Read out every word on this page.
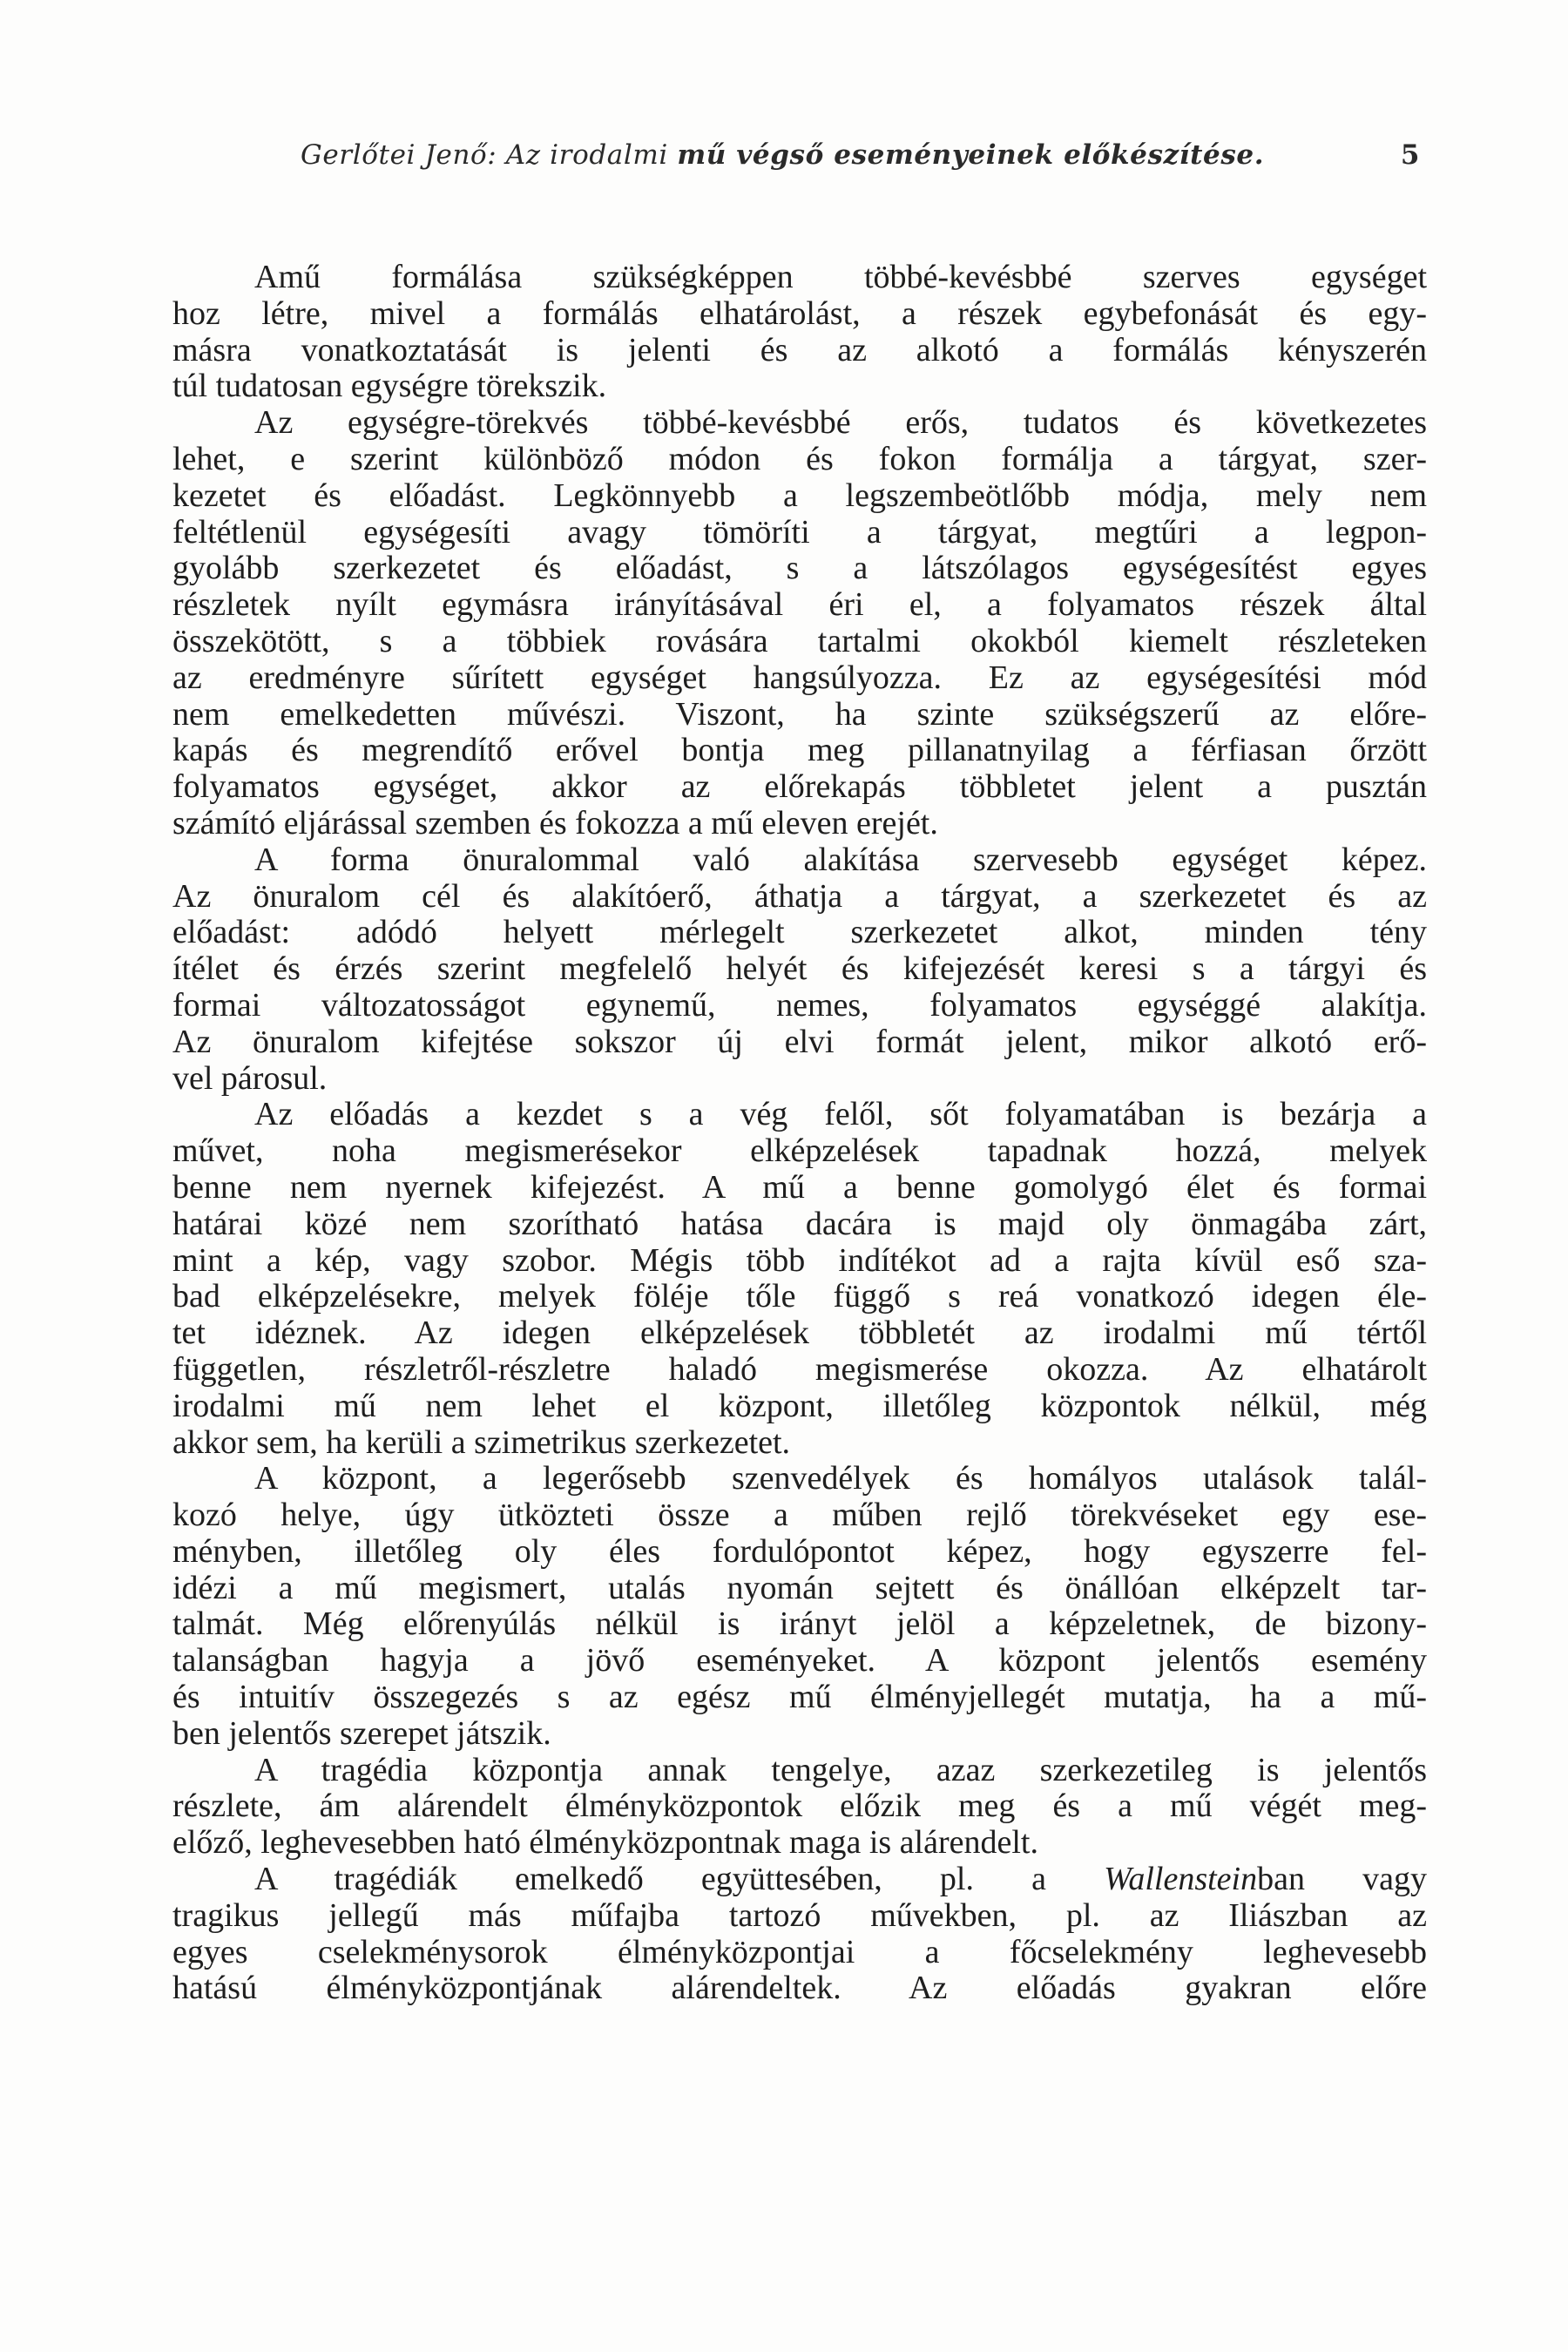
Gerlőtei Jenő: Az irodalmi mű végső eseményeinek előkészítése.	5

Amű formálása szükségképpen többé-kevésbbé szerves egységet
hoz létre, mivel a formálás elhatárolást, a részek egybefonását és egy-
másra vonatkoztatását is jelenti és az alkotó a formálás kényszerén
túl tudatosan egységre törekszik.

Az egységre-törekvés többé-kevésbbé erős, tudatos és következetes
lehet, e szerint különböző módon és fokon formálja a tárgyat, szer-
kezetet és előadást. Legkönnyebb a legszembeötlőbb módja, mely nem
feltétlenül egységesíti avagy tömöríti a tárgyat, megtűri a legpon-
gyolább szerkezetet és előadást, s a látszólagos egységesítést egyes
részletek nyílt egymásra irányításával éri el, a folyamatos részek által
összekötött, s a többiek rovására tartalmi okokból kiemelt részleteken
az eredményre sűrített egységet hangsúlyozza. Ez az egységesítési mód
nem emelkedetten művészi. Viszont, ha szinte szükségszerű az előre-
kapás és megrendítő erővel bontja meg pillanatnyilag a férfiasan őrzött
folyamatos egységet, akkor az előrekapás többletet jelent a pusztán
számító eljárással szemben és fokozza a mű eleven erejét.

A forma önuralommal való alakítása szervesebb egységet képez.
Az önuralom cél és alakítóerő, áthatja a tárgyat, a szerkezetet és az
előadást: adódó helyett mérlegelt szerkezetet alkot, minden tény
ítélet és érzés szerint megfelelő helyét és kifejezését keresi s a tárgyi és
formai változatosságot egynemű, nemes, folyamatos egységgé alakítja.
Az önuralom kifejtése sokszor új elvi formát jelent, mikor alkotó erő-
vel párosul.

Az előadás a kezdet s a vég felől, sőt folyamatában is bezárja a
művet, noha megismerésekor elképzelések tapadnak hozzá, melyek
benne nem nyernek kifejezést. A mű a benne gomolygó élet és formai
határai közé nem szorítható hatása dacára is majd oly önmagába zárt,
mint a kép, vagy szobor. Mégis több indítékot ad a rajta kívül eső sza-
bad elképzelésekre, melyek föléje tőle függő s reá vonatkozó idegen éle-
tet idéznek. Az idegen elképzelések többletét az irodalmi mű tértől
független, részletről-részletre haladó megismerése okozza. Az elhatárolt
irodalmi mű nem lehet el központ, illetőleg központok nélkül, még
akkor sem, ha kerüli a szimetrikus szerkezetet.

A központ, a legerősebb szenvedélyek és homályos utalások talál-
kozó helye, úgy ütközteti össze a műben rejlő törekvéseket egy ese-
ményben, illetőleg oly éles fordulópontot képez, hogy egyszerre fel-
idézi a mű megismert, utalás nyomán sejtett és önállóan elképzelt tar-
talmát. Még előrenyúlás nélkül is irányt jelöl a képzeletnek, de bizony-
talanságban hagyja a jövő eseményeket. A központ jelentős esemény
és intuitív összegezés s az egész mű élményjellegét mutatja, ha a mű-
ben jelentős szerepet játszik.

A tragédia központja annak tengelye, azaz szerkezetileg is jelentős
részlete, ám alárendelt élményközpontok előzik meg és a mű végét meg-
előző, leghevesebben ható élményközpontnak maga is alárendelt.

A tragédiák emelkedő együttesében, pl. a Wallensteinban vagy
tragikus jellegű más műfajba tartozó művekben, pl. az Iliászban az
egyes cselekménysorok élményközpontjai a főcselekmény leghevesebb
hatású élményközpontjának alárendeltek. Az előadás gyakran előre
